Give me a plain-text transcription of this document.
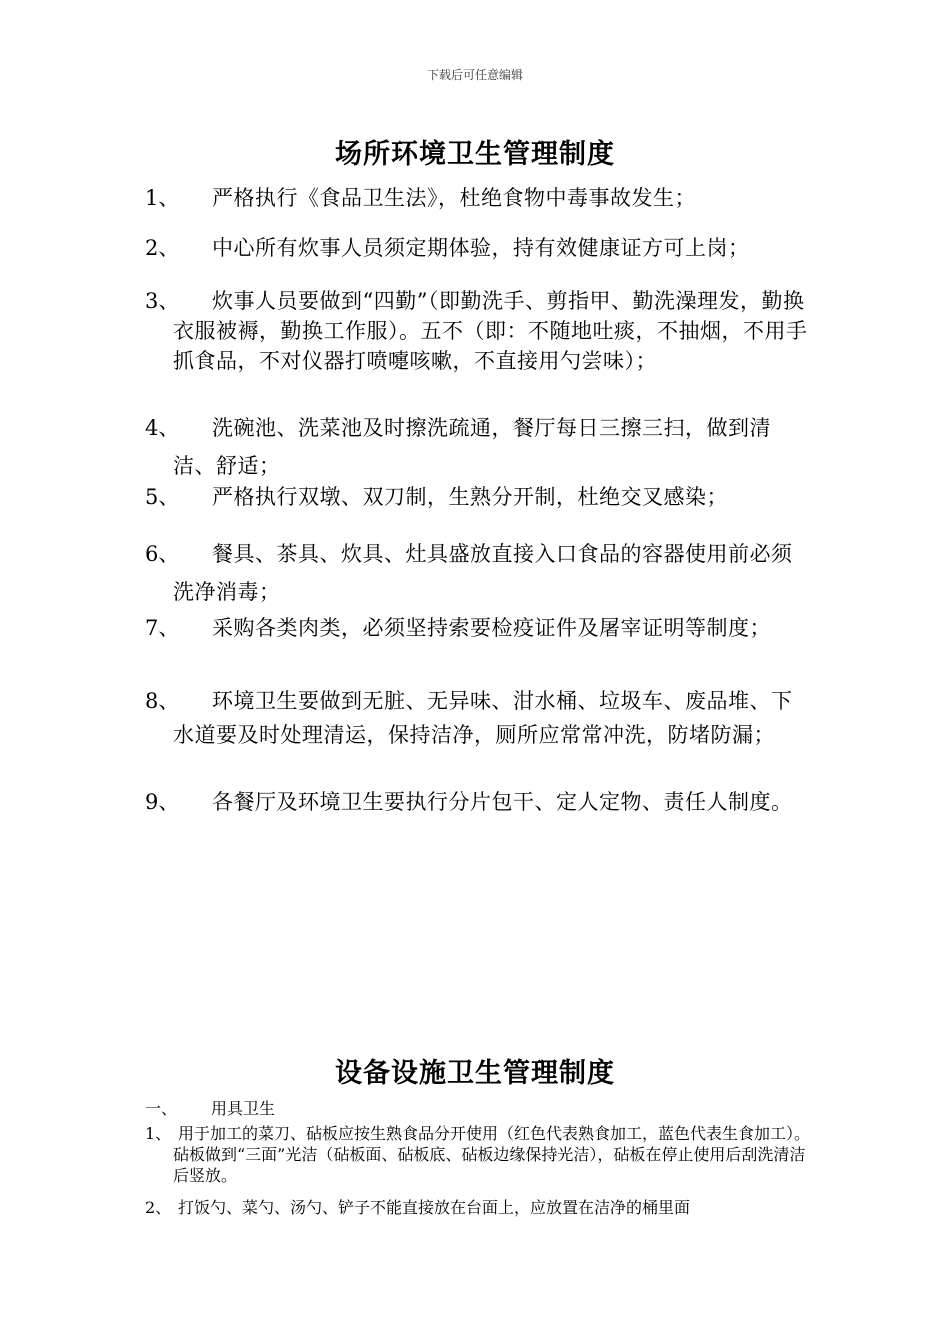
下载后可任意编辑
场所环境卫生管理制度
1、	严格执行《食品卫生法》，杜绝食物中毒事故发生；
2、	中心所有炊事人员须定期体验，持有效健康证方可上岗；
3、	炊事人员要做到“四勤”（即勤洗手、剪指甲、勤洗澡理发，勤换衣服被褥，勤换工作服）。五不（即：不随地吐痰，不抽烟，不用手抓食品，不对仪器打喷嚏咳嗽，不直接用勺尝味）；
4、	洗碗池、洗菜池及时擦洗疏通，餐厅每日三擦三扫，做到清洁、舒适；
5、	严格执行双墩、双刀制，生熟分开制，杜绝交叉感染；
6、	餐具、茶具、炊具、灶具盛放直接入口食品的容器使用前必须洗净消毒；
7、	采购各类肉类，必须坚持索要检疫证件及屠宰证明等制度；
8、	环境卫生要做到无脏、无异味、泔水桶、垃圾车、废品堆、下水道要及时处理清运，保持洁净，厕所应常常冲洗，防堵防漏；
9、	各餐厅及环境卫生要执行分片包干、定人定物、责任人制度。
设备设施卫生管理制度
一、 用具卫生
1、 用于加工的菜刀、砧板应按生熟食品分开使用（红色代表熟食加工，蓝色代表生食加工）。砧板做到“三面”光洁（砧板面、砧板底、砧板边缘保持光洁），砧板在停止使用后刮洗清洁后竖放。
2、 打饭勺、菜勺、汤勺、铲子不能直接放在台面上，应放置在洁净的桶里面
